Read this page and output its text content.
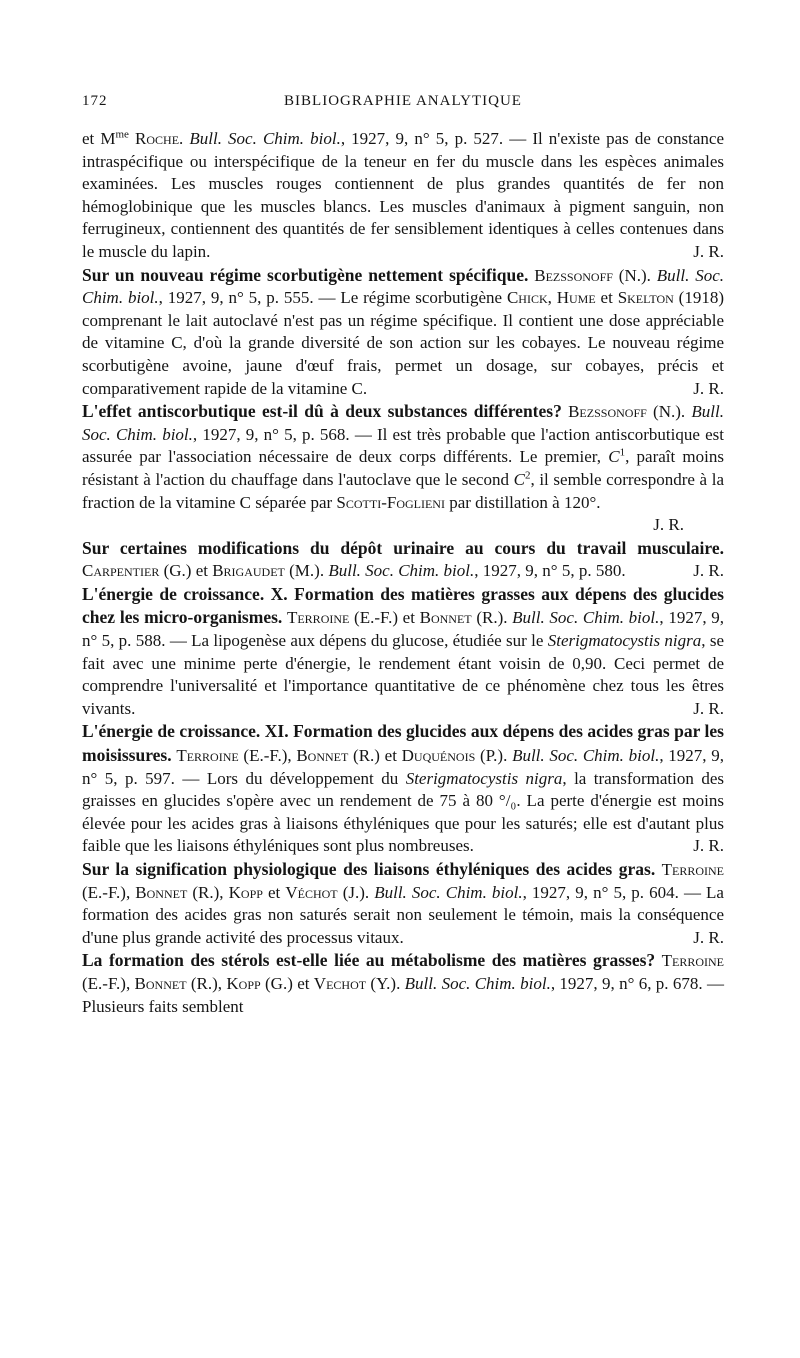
172	BIBLIOGRAPHIE ANALYTIQUE

et $M^{me}$ Roche. Bull. Soc. Chim. biol., 1927, 9, n° 5, p. 527. — Il n'existe pas de constance intraspécifique ou interspécifique de la teneur en fer du muscle dans les espèces animales examinées. Les muscles rouges contiennent de plus grandes quantités de fer non hémoglobinique que les muscles blancs. Les muscles d'animaux à pigment sanguin, non ferrugineux, contiennent des quantités de fer sensiblement identiques à celles contenues dans le muscle du lapin.	J. R.

Sur un nouveau régime scorbutigène nettement spécifique. Bezssonoff (N.). Bull. Soc. Chim. biol., 1927, 9, n° 5, p. 555. — Le régime scorbutigène Chick, Hume et Skelton (1918) comprenant le lait autoclavé n'est pas un régime spécifique. Il contient une dose appréciable de vitamine C, d'où la grande diversité de son action sur les cobayes. Le nouveau régime scorbutigène avoine, jaune d'œuf frais, permet un dosage, sur cobayes, précis et comparativement rapide de la vitamine C.	J. R.

L'effet antiscorbutique est-il dû à deux substances différentes? Bezssonoff (N.). Bull. Soc. Chim. biol., 1927, 9, n° 5, p. 568. — Il est très probable que l'action antiscorbutique est assurée par l'association nécessaire de deux corps différents. Le premier, $C^1$, paraît moins résistant à l'action du chauffage dans l'autoclave que le second $C^2$, il semble correspondre à la fraction de la vitamine C séparée par Scotti-Foglieni par distillation à 120°.

J. R.

Sur certaines modifications du dépôt urinaire au cours du travail musculaire. Carpentier (G.) et Brigaudet (M.). Bull. Soc. Chim. biol., 1927, 9, n° 5, p. 580.	J. R.

L'énergie de croissance. X. Formation des matières grasses aux dépens des glucides chez les micro-organismes. Terroine (E.-F.) et Bonnet (R.). Bull. Soc. Chim. biol., 1927, 9, n° 5, p. 588. — La lipogenèse aux dépens du glucose, étudiée sur le Sterigmatocystis nigra, se fait avec une minime perte d'énergie, le rendement étant voisin de 0,90. Ceci permet de comprendre l'universalité et l'importance quantitative de ce phénomène chez tous les êtres vivants.	J. R.

L'énergie de croissance. XI. Formation des glucides aux dépens des acides gras par les moisissures. Terroine (E.-F.), Bonnet (R.) et Duquénois (P.). Bull. Soc. Chim. biol., 1927, 9, n° 5, p. 597. — Lors du développement du Sterigmatocystis nigra, la transformation des graisses en glucides s'opère avec un rendement de 75 à 80 °/₀. La perte d'énergie est moins élevée pour les acides gras à liaisons éthyléniques que pour les saturés; elle est d'autant plus faible que les liaisons éthyléniques sont plus nombreuses.	J. R.

Sur la signification physiologique des liaisons éthyléniques des acides gras. Terroine (E.-F.), Bonnet (R.), Kopp et Véchot (J.). Bull. Soc. Chim. biol., 1927, 9, n° 5, p. 604. — La formation des acides gras non saturés serait non seulement le témoin, mais la conséquence d'une plus grande activité des processus vitaux.	J. R.

La formation des stérols est-elle liée au métabolisme des matières grasses? Terroine (E.-F.), Bonnet (R.), Kopp (G.) et Vechot (Y.). Bull. Soc. Chim. biol., 1927, 9, n° 6, p. 678. — Plusieurs faits semblent
